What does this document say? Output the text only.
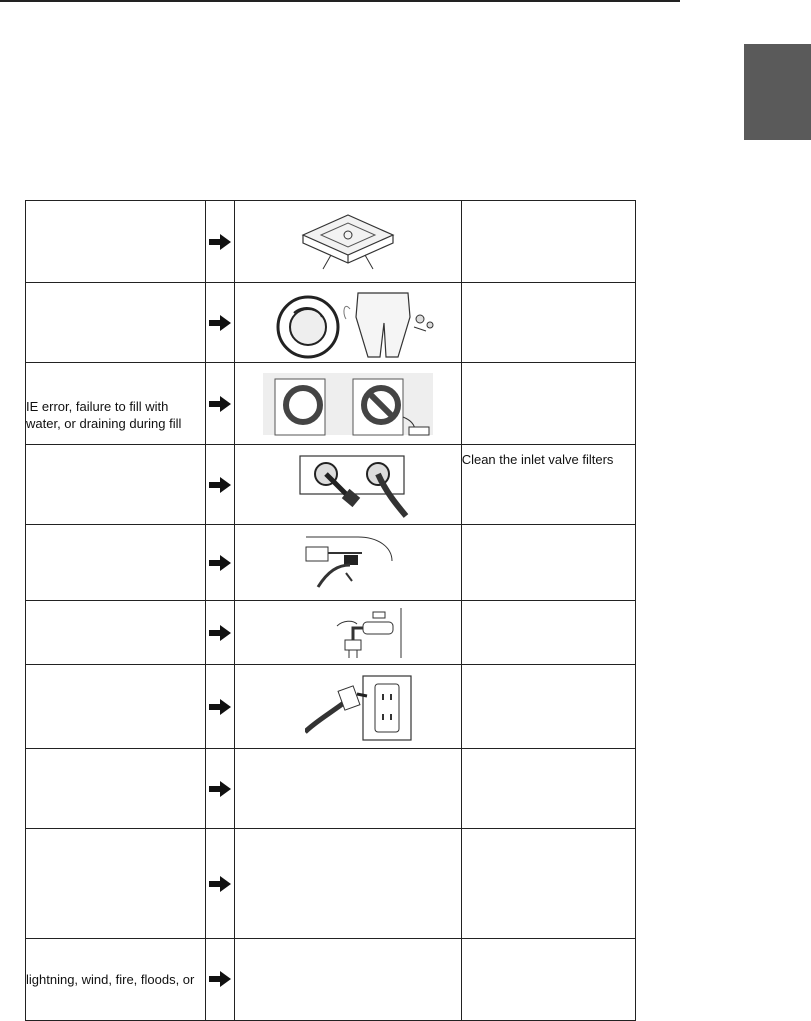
IE error, failure to fill with water, or draining during fill	

	Clean the inlet valve filters

lightning, wind, fire, floods, or	
